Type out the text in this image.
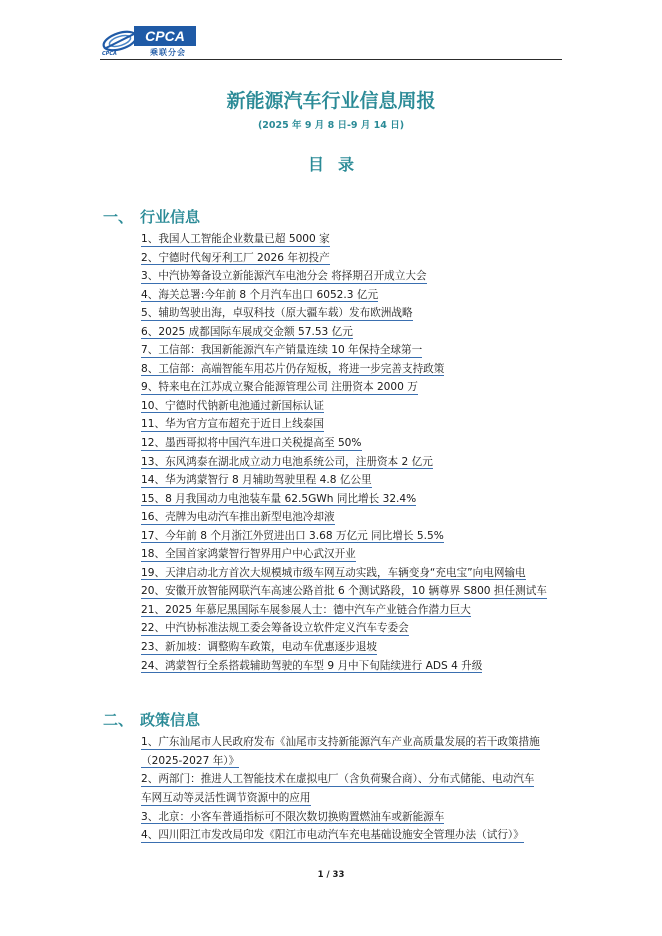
CPCA
乘联分会
CPCA
新能源汽车行业信息周报
(2025 年 9 月 8 日-9 月 14 日)
目录
一、 行业信息
1、我国人工智能企业数量已超 5000 家
2、宁德时代匈牙利工厂 2026 年初投产
3、中汽协筹备设立新能源汽车电池分会 将择期召开成立大会
4、海关总署:今年前 8 个月汽车出口 6052.3 亿元
5、辅助驾驶出海，卓驭科技（原大疆车载）发布欧洲战略
6、2025 成都国际车展成交金额 57.53 亿元
7、工信部：我国新能源汽车产销量连续 10 年保持全球第一
8、工信部：高端智能车用芯片仍存短板，将进一步完善支持政策
9、特来电在江苏成立聚合能源管理公司 注册资本 2000 万
10、宁德时代钠新电池通过新国标认证
11、华为官方宣布超充于近日上线泰国
12、墨西哥拟将中国汽车进口关税提高至 50%
13、东风鸿泰在湖北成立动力电池系统公司，注册资本 2 亿元
14、华为鸿蒙智行 8 月辅助驾驶里程 4.8 亿公里
15、8 月我国动力电池装车量 62.5GWh 同比增长 32.4%
16、壳牌为电动汽车推出新型电池冷却液
17、今年前 8 个月浙江外贸进出口 3.68 万亿元 同比增长 5.5%
18、全国首家鸿蒙智行智界用户中心武汉开业
19、天津启动北方首次大规模城市级车网互动实践，车辆变身“充电宝”向电网输电
20、安徽开放智能网联汽车高速公路首批 6 个测试路段，10 辆尊界 S800 担任测试车
21、2025 年慕尼黑国际车展参展人士：德中汽车产业链合作潜力巨大
22、中汽协标准法规工委会筹备设立软件定义汽车专委会
23、新加坡：调整购车政策，电动车优惠逐步退坡
24、鸿蒙智行全系搭载辅助驾驶的车型 9 月中下旬陆续进行 ADS 4 升级
二、 政策信息
1、广东汕尾市人民政府发布《汕尾市支持新能源汽车产业高质量发展的若干政策措施
（2025-2027 年）》
2、两部门：推进人工智能技术在虚拟电厂（含负荷聚合商）、分布式储能、电动汽车
车网互动等灵活性调节资源中的应用
3、北京：小客车普通指标可不限次数切换购置燃油车或新能源车
4、四川阳江市发改局印发《阳江市电动汽车充电基础设施安全管理办法（试行）》
1 / 33
